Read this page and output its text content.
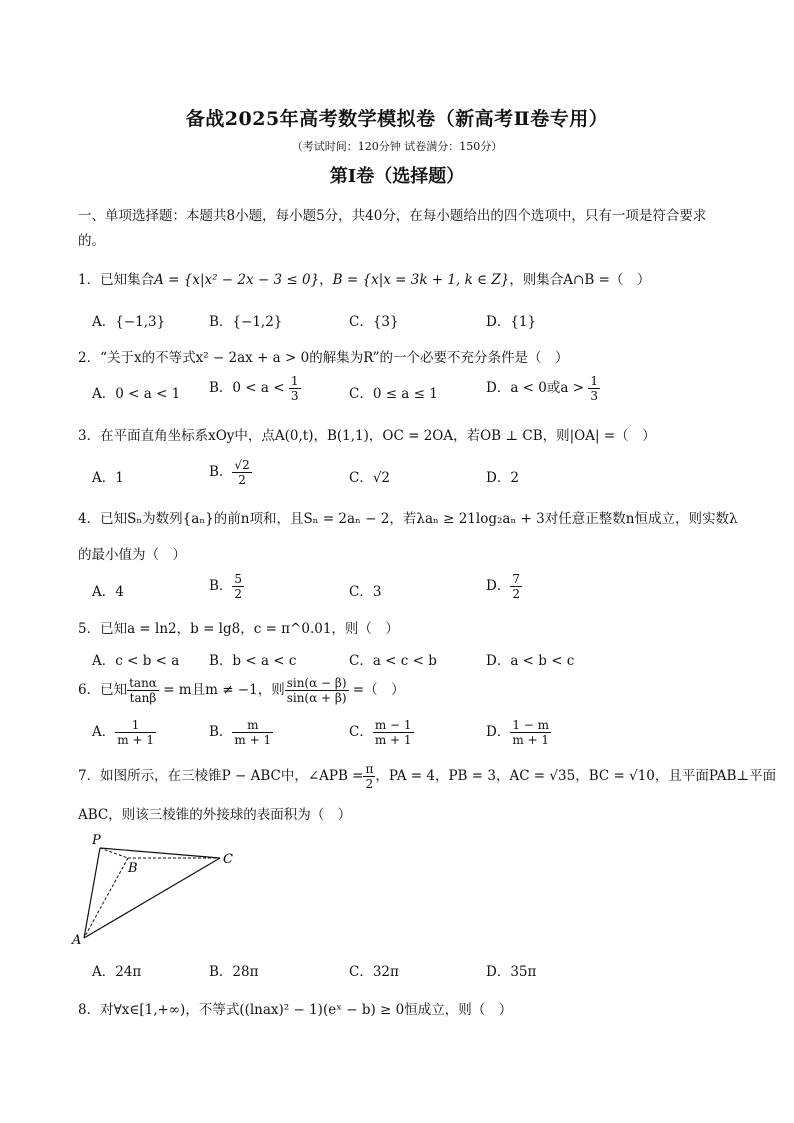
备战2025年高考数学模拟卷（新高考Ⅱ卷专用）
（考试时间：120分钟 试卷满分：150分）
第Ⅰ卷（选择题）
一、单项选择题：本题共8小题，每小题5分，共40分，在每小题给出的四个选项中，只有一项是符合要求的。
1．已知集合A = {x|x² − 2x − 3 ≤ 0}，B = {x|x = 3k + 1, k ∈ Z}，则集合A∩B =（　）
A．{−1,3}	B．{−1,2}	C．{3}	D．{1}
2．“关于x的不等式x² − 2ax + a > 0的解集为R”的一个必要不充分条件是（　）
A．0 < a < 1 B．$0 < a < \frac{1}{3}$	C．0 ≤ a ≤ 1	D．a < 0或$a > \frac{1}{3}$
3．在平面直角坐标系xOy中，点A(0,t)，B(1,1)，OC = 2OA，若OB ⊥ CB，则|OA| =（　）
A．1	B． $\frac{√2}{2}$	C．√2	D．2
4．已知Sₙ为数列{aₙ}的前n项和，且Sₙ = 2aₙ − 2，若λaₙ ≥ 21log₂aₙ + 3对任意正整数n恒成立，则实数λ
的最小值为（　）
A．4	B． $\frac{5}{2}$	C．3	D． $\frac{7}{2}$
5．已知a = ln2，b = lg8，c = π^0.01，则（　）
A．c < b < a B．b < a < c	C．a < c < b	D．a < b < c
6．已知 $\frac{\tan\alpha}{\tan\beta} = m$且m ≠ −1，则 $\frac{\sin(\alpha - \beta)}{\sin(\alpha + \beta)}$ =（　）
A． $\frac{1}{m + 1}$	B． $\frac{m}{m + 1}$	C． $\frac{m - 1}{m + 1}$	D． $\frac{1 - m}{m + 1}$
7．如图所示，在三棱锥P − ABC中，∠APB = $\frac{\pi}{2}$ ，PA = 4，PB = 3，AC = √35，BC = √10，且平面PAB⊥平面
ABC，则该三棱锥的外接球的表面积为（　）
P
B
C
A
A．24π	B．28π	C．32π	D．35π
8．对∀x∈[1,+∞)，不等式((lnax)² − 1)(eˣ − b) ≥ 0恒成立，则（　）
